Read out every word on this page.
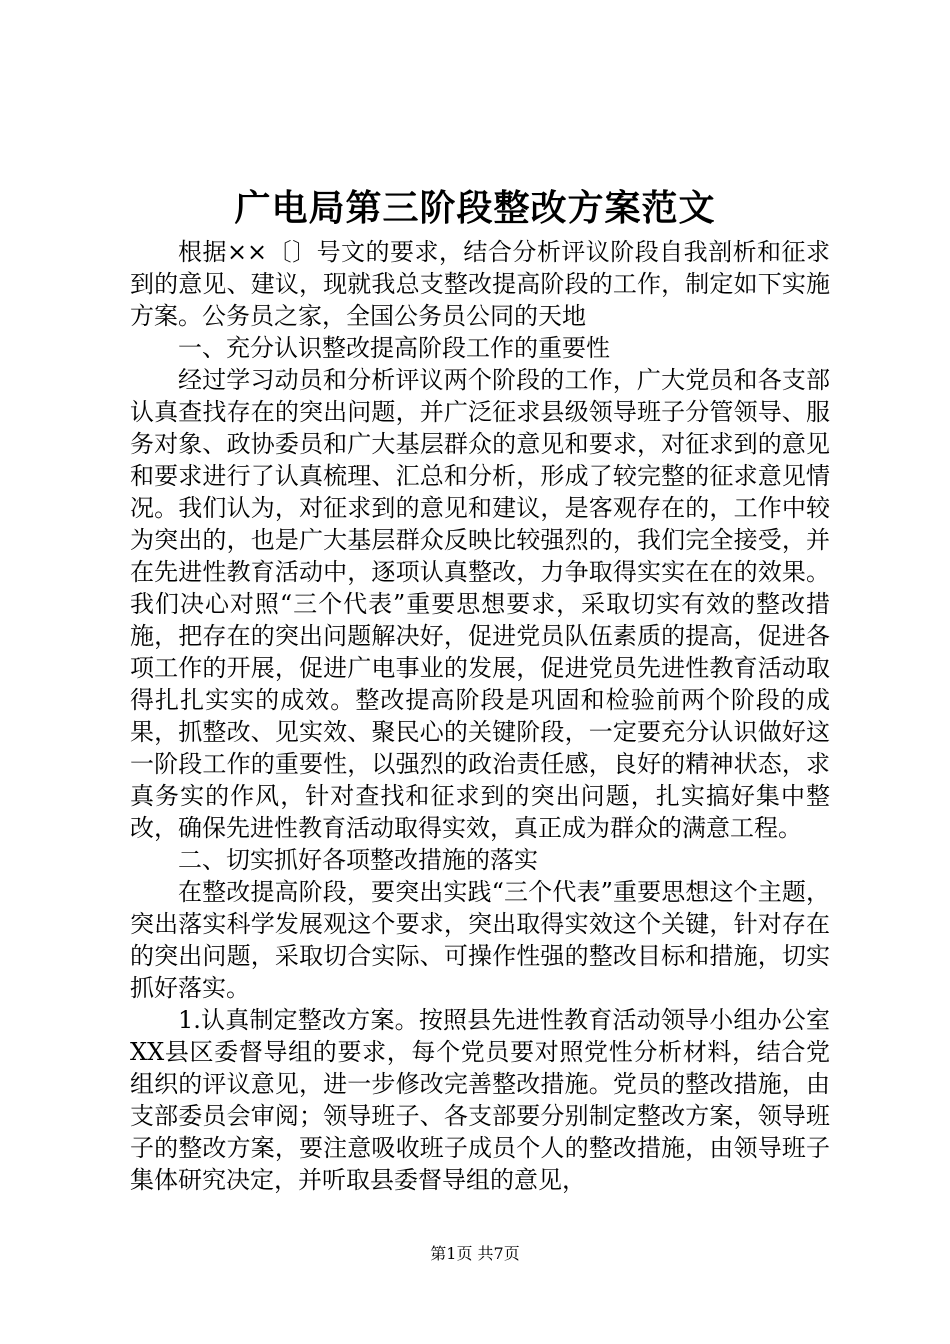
广电局第三阶段整改方案范文

根据××〔〕号文的要求，结合分析评议阶段自我剖析和征求到的意见、建议，现就我总支整改提高阶段的工作，制定如下实施方案。公务员之家，全国公务员公同的天地

一、充分认识整改提高阶段工作的重要性

经过学习动员和分析评议两个阶段的工作，广大党员和各支部认真查找存在的突出问题，并广泛征求县级领导班子分管领导、服务对象、政协委员和广大基层群众的意见和要求，对征求到的意见和要求进行了认真梳理、汇总和分析，形成了较完整的征求意见情况。我们认为，对征求到的意见和建议，是客观存在的，工作中较为突出的，也是广大基层群众反映比较强烈的，我们完全接受，并在先进性教育活动中，逐项认真整改，力争取得实实在在的效果。我们决心对照“三个代表”重要思想要求，采取切实有效的整改措施，把存在的突出问题解决好，促进党员队伍素质的提高，促进各项工作的开展，促进广电事业的发展，促进党员先进性教育活动取得扎扎实实的成效。整改提高阶段是巩固和检验前两个阶段的成果，抓整改、见实效、聚民心的关键阶段，一定要充分认识做好这一阶段工作的重要性，以强烈的政治责任感，良好的精神状态，求真务实的作风，针对查找和征求到的突出问题，扎实搞好集中整改，确保先进性教育活动取得实效，真正成为群众的满意工程。

二、切实抓好各项整改措施的落实

在整改提高阶段，要突出实践“三个代表”重要思想这个主题，突出落实科学发展观这个要求，突出取得实效这个关键，针对存在的突出问题，采取切合实际、可操作性强的整改目标和措施，切实抓好落实。

1.认真制定整改方案。按照县先进性教育活动领导小组办公室XX县区委督导组的要求，每个党员要对照党性分析材料，结合党组织的评议意见，进一步修改完善整改措施。党员的整改措施，由支部委员会审阅；领导班子、各支部要分别制定整改方案，领导班子的整改方案，要注意吸收班子成员个人的整改措施，由领导班子集体研究决定，并听取县委督导组的意见，

第1页 共7页
